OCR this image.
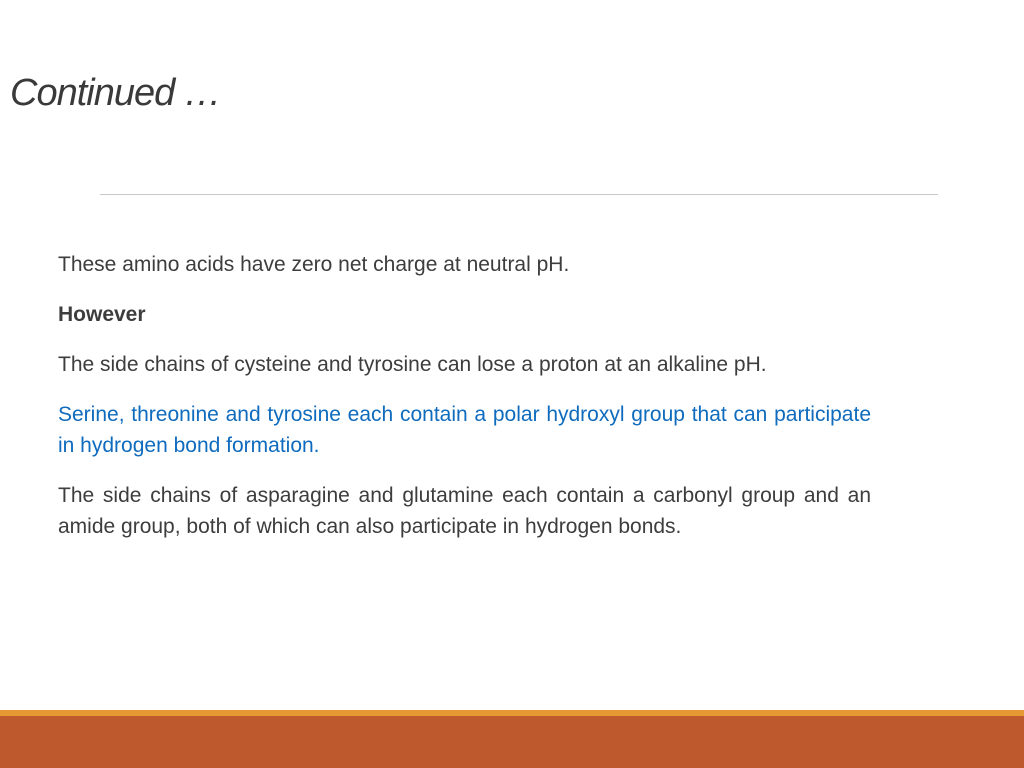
Continued …

These amino acids have zero net charge at neutral pH.

However

The side chains of cysteine and tyrosine can lose a proton at an alkaline pH.

Serine, threonine and tyrosine each contain a polar hydroxyl group that can participate in hydrogen bond formation.

The side chains of asparagine and glutamine each contain a carbonyl group and an amide group, both of which can also participate in hydrogen bonds.
